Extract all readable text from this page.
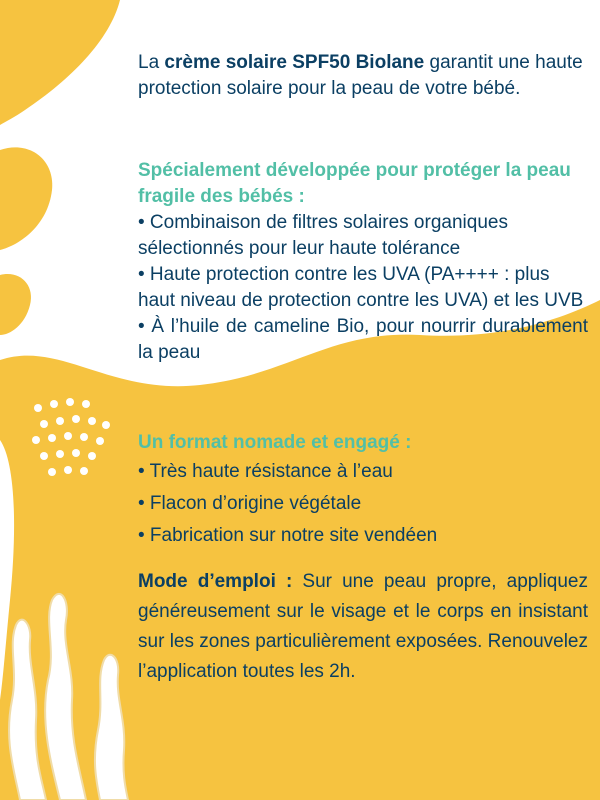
La crème solaire SPF50 Biolane garantit une haute protection solaire pour la peau de votre bébé.

Spécialement développée pour protéger la peau fragile des bébés :

• Combinaison de filtres solaires organiques sélectionnés pour leur haute tolérance

• Haute protection contre les UVA (PA++++ : plus haut niveau de protection contre les UVA) et les UVB

• À l’huile de cameline Bio, pour nourrir durablement la peau

Un format nomade et engagé :

• Très haute résistance à l’eau

• Flacon d’origine végétale

• Fabrication sur notre site vendéen

Mode d’emploi : Sur une peau propre, appliquez généreusement sur le visage et le corps en insistant sur les zones particulièrement exposées. Renouvelez l’application toutes les 2h.
